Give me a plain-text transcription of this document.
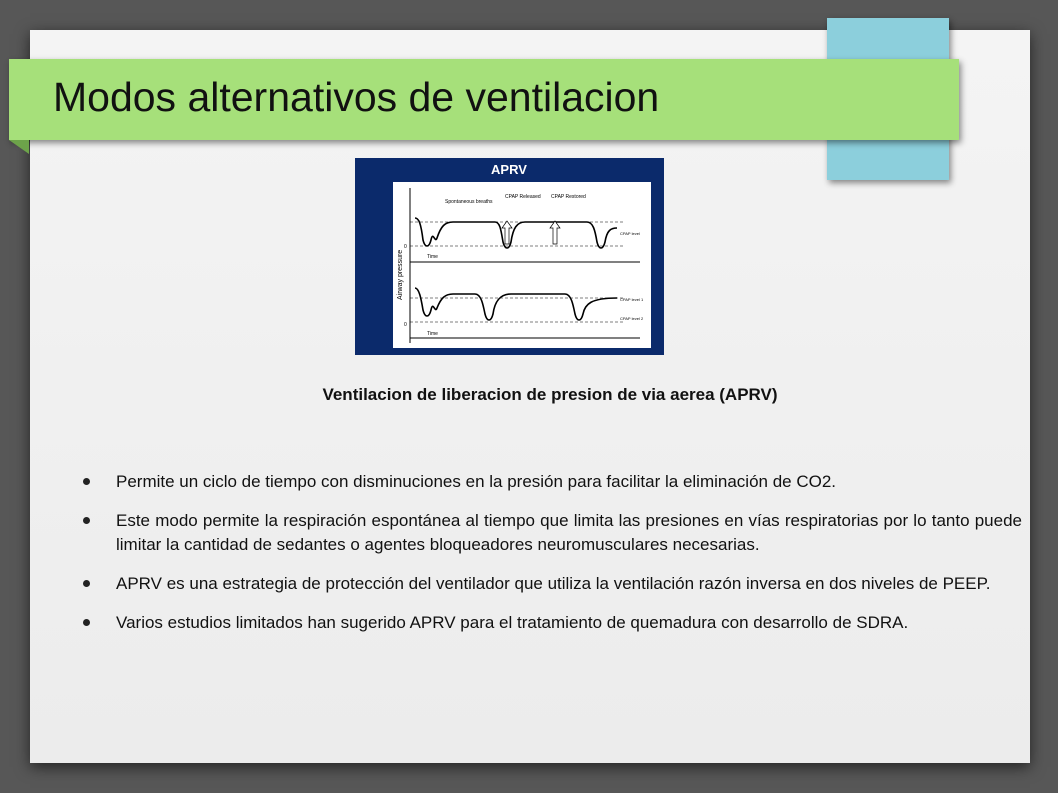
Modos alternativos de ventilacion
APRV
Airway pressure
Spontaneous breaths
CPAP Released CPAP Restored
CPAP level
CPAP level 1
CPAP level 2
Time
Time
0
0
Ventilacion de liberacion de presion de via aerea (APRV)
Permite un ciclo de tiempo con disminuciones en la presión para facilitar la eliminación de CO2.
Este modo permite la respiración espontánea al tiempo que limita las presiones en vías respiratorias por lo tanto puede limitar la cantidad de sedantes o agentes bloqueadores neuromusculares necesarias.
APRV es una estrategia de protección del ventilador que utiliza la ventilación razón inversa en dos niveles de PEEP.
Varios estudios limitados han sugerido APRV para el tratamiento de quemadura con desarrollo de SDRA.
